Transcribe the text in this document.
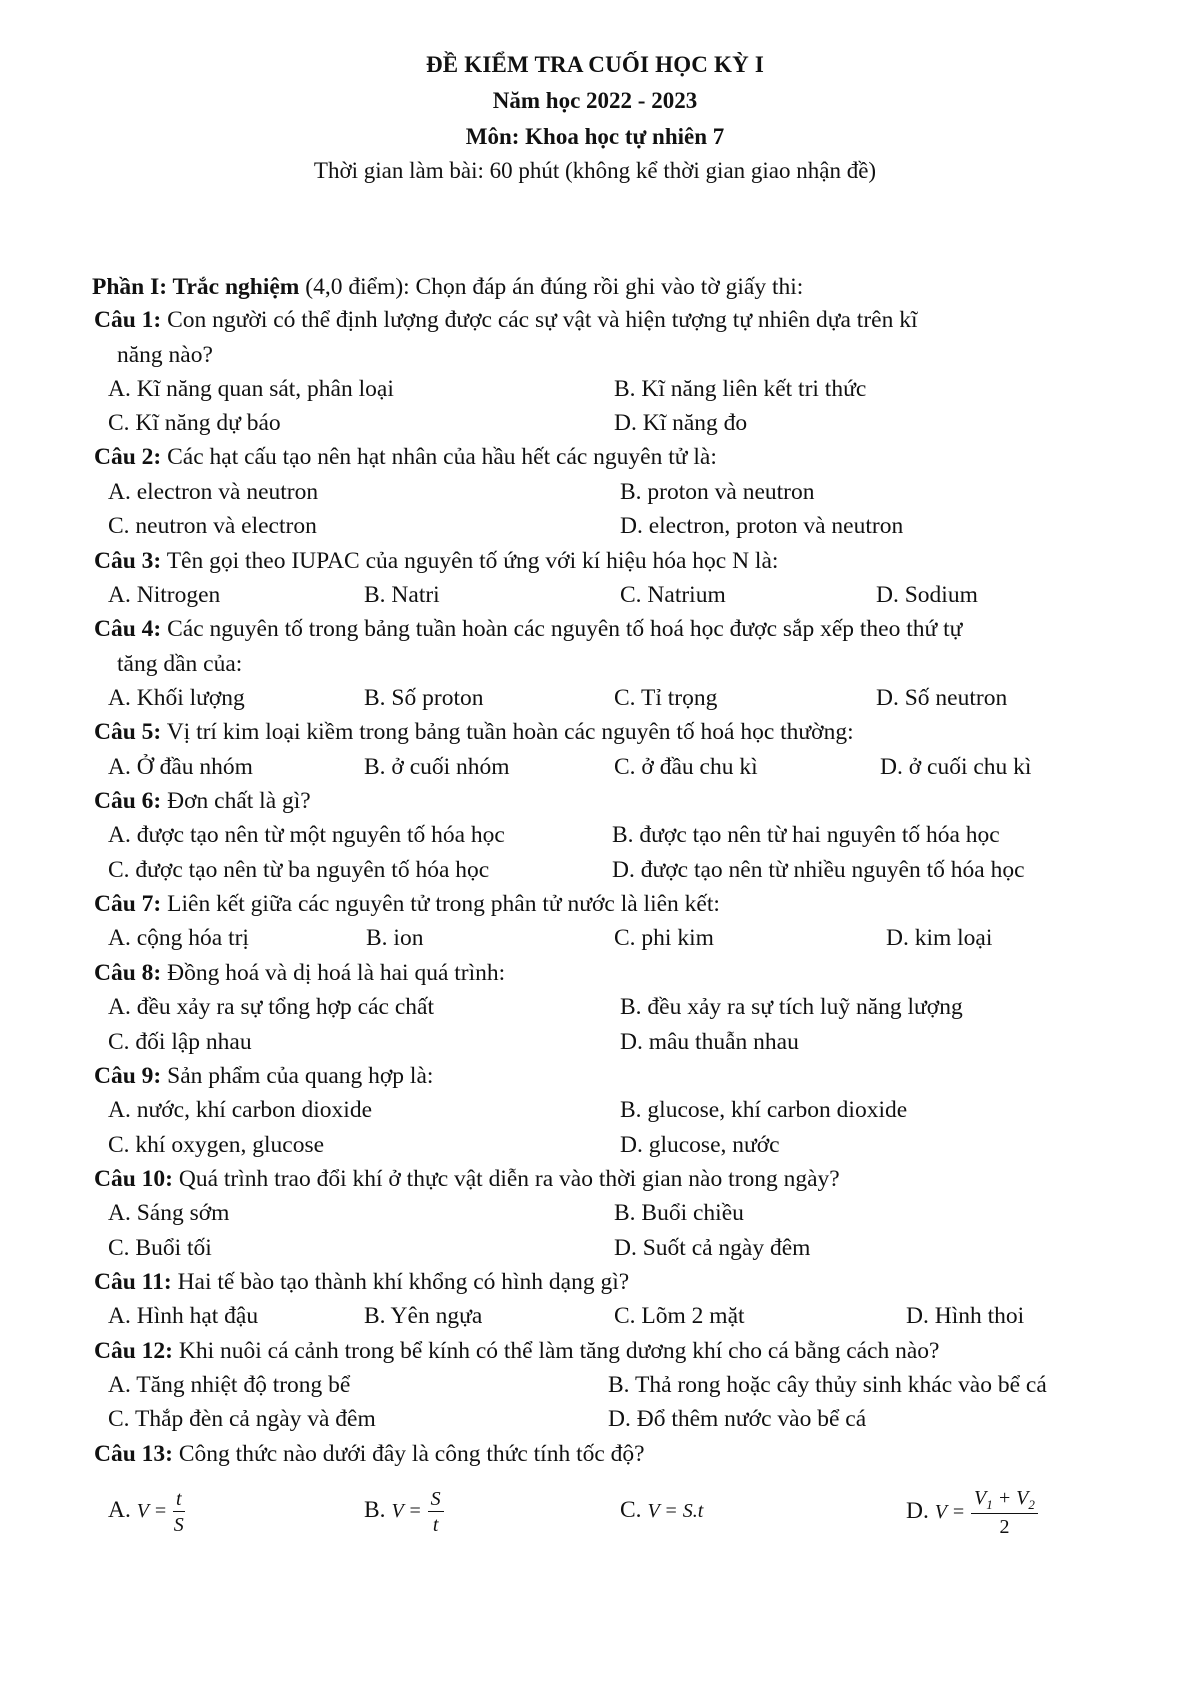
ĐỀ KIỂM TRA CUỐI HỌC KỲ I
Năm học 2022 - 2023
Môn: Khoa học tự nhiên 7
Thời gian làm bài: 60 phút (không kể thời gian giao nhận đề)
Phần I: Trắc nghiệm (4,0 điểm): Chọn đáp án đúng rồi ghi vào tờ giấy thi:
Câu 1: Con người có thể định lượng được các sự vật và hiện tượng tự nhiên dựa trên kĩ
năng nào?
A. Kĩ năng quan sát, phân loại	B. Kĩ năng liên kết tri thức
C. Kĩ năng dự báo	D. Kĩ năng đo
Câu 2: Các hạt cấu tạo nên hạt nhân của hầu hết các nguyên tử là:
A. electron và neutron	B. proton và neutron
C. neutron và electron	D. electron, proton và neutron
Câu 3: Tên gọi theo IUPAC của nguyên tố ứng với kí hiệu hóa học N là:
A. Nitrogen	B. Natri	C. Natrium	D. Sodium
Câu 4: Các nguyên tố trong bảng tuần hoàn các nguyên tố hoá học được sắp xếp theo thứ tự
tăng dần của:
A. Khối lượng	B. Số proton	C. Tỉ trọng	D. Số neutron
Câu 5: Vị trí kim loại kiềm trong bảng tuần hoàn các nguyên tố hoá học thường:
A. Ở đầu nhóm	B. ở cuối nhóm	C. ở đầu chu kì	D. ở cuối chu kì
Câu 6: Đơn chất là gì?
A. được tạo nên từ một nguyên tố hóa học	B. được tạo nên từ hai nguyên tố hóa học
C. được tạo nên từ ba nguyên tố hóa học	D. được tạo nên từ nhiều nguyên tố hóa học
Câu 7: Liên kết giữa các nguyên tử trong phân tử nước là liên kết:
A. cộng hóa trị	B. ion	C. phi kim	D. kim loại
Câu 8: Đồng hoá và dị hoá là hai quá trình:
A. đều xảy ra sự tổng hợp các chất	B. đều xảy ra sự tích luỹ năng lượng
C. đối lập nhau	D. mâu thuẫn nhau
Câu 9: Sản phẩm của quang hợp là:
A. nước, khí carbon dioxide	B. glucose, khí carbon dioxide
C. khí oxygen, glucose	D. glucose, nước
Câu 10: Quá trình trao đổi khí ở thực vật diễn ra vào thời gian nào trong ngày?
A. Sáng sớm	B. Buổi chiều
C. Buổi tối	D. Suốt cả ngày đêm
Câu 11: Hai tế bào tạo thành khí khổng có hình dạng gì?
A. Hình hạt đậu	B. Yên ngựa	C. Lõm 2 mặt	D. Hình thoi
Câu 12: Khi nuôi cá cảnh trong bể kính có thể làm tăng dương khí cho cá bằng cách nào?
A. Tăng nhiệt độ trong bể	B. Thả rong hoặc cây thủy sinh khác vào bể cá
C. Thắp đèn cả ngày và đêm	D. Đổ thêm nước vào bể cá
Câu 13: Công thức nào dưới đây là công thức tính tốc độ?
A. $V = \frac{t}{S}$	B. $V = \frac{S}{t}$	C. V = S.t	D. $V = \frac{V_1 + V_2}{2}$
